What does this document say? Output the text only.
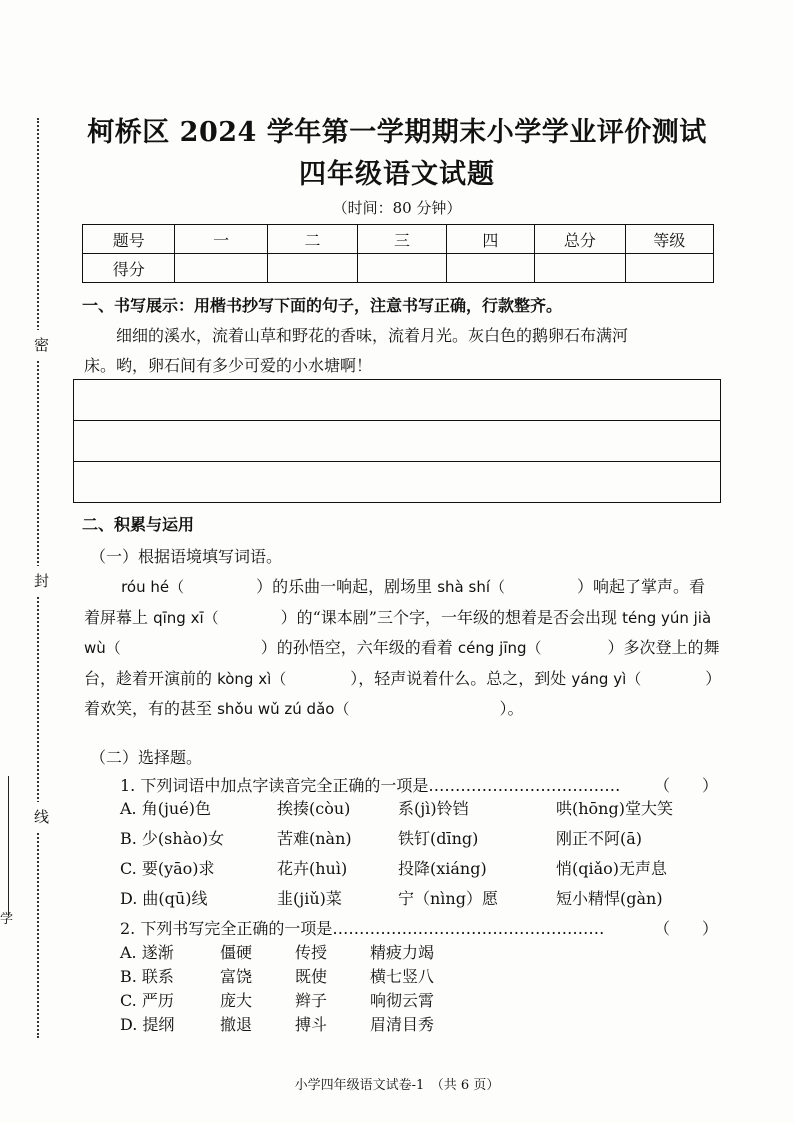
密
封
线
学
柯桥区 2024 学年第一学期期末小学学业评价测试
四年级语文试题
（时间：80 分钟）
题号	一	二	三	四	总分	等级
得分						
一、书写展示：用楷书抄写下面的句子，注意书写正确，行款整齐。
细细的溪水，流着山草和野花的香味，流着月光。灰白色的鹅卵石布满河
床。哟，卵石间有多少可爱的小水塘啊！
二、积累与运用
（一）根据语境填写词语。
róu hé（	）的乐曲一响起，剧场里 shà shí（	）响起了掌声。看着屏幕上 qīng xī（	）的“课本剧”三个字，一年级的想着是否会出现 téng yún jià wù（	）的孙悟空，六年级的看着 céng jīng（	）多次登上的舞台，趁着开演前的 kòng xì（	），轻声说着什么。总之，到处 yáng yì（	）着欢笑，有的甚至 shǒu wǔ zú dǎo（	）。
（二）选择题。
1. 下列词语中加点字读音完全正确的一项是……………………………… （　　）
A. 角(jué)色	挨揍(còu)	系(jì)铃铛	哄(hōng)堂大笑
B. 少(shào)女	苦难(nàn)	铁钉(dīng)	刚正不阿(ā)
C. 要(yāo)求	花卉(huì)	投降(xiáng)	悄(qiǎo)无声息
D. 曲(qū)线	韭(jiǔ)菜	宁（nìng）愿	短小精悍(gàn)
2. 下列书写完全正确的一项是……………………………………………	（　　）
A. 遂渐	僵硬	传授	精疲力竭
B. 联系	富饶	既使	横七竖八
C. 严历	庞大	辫子	响彻云霄
D. 提纲	撤退	搏斗	眉清目秀
小学四年级语文试卷-1　（共 6 页）
